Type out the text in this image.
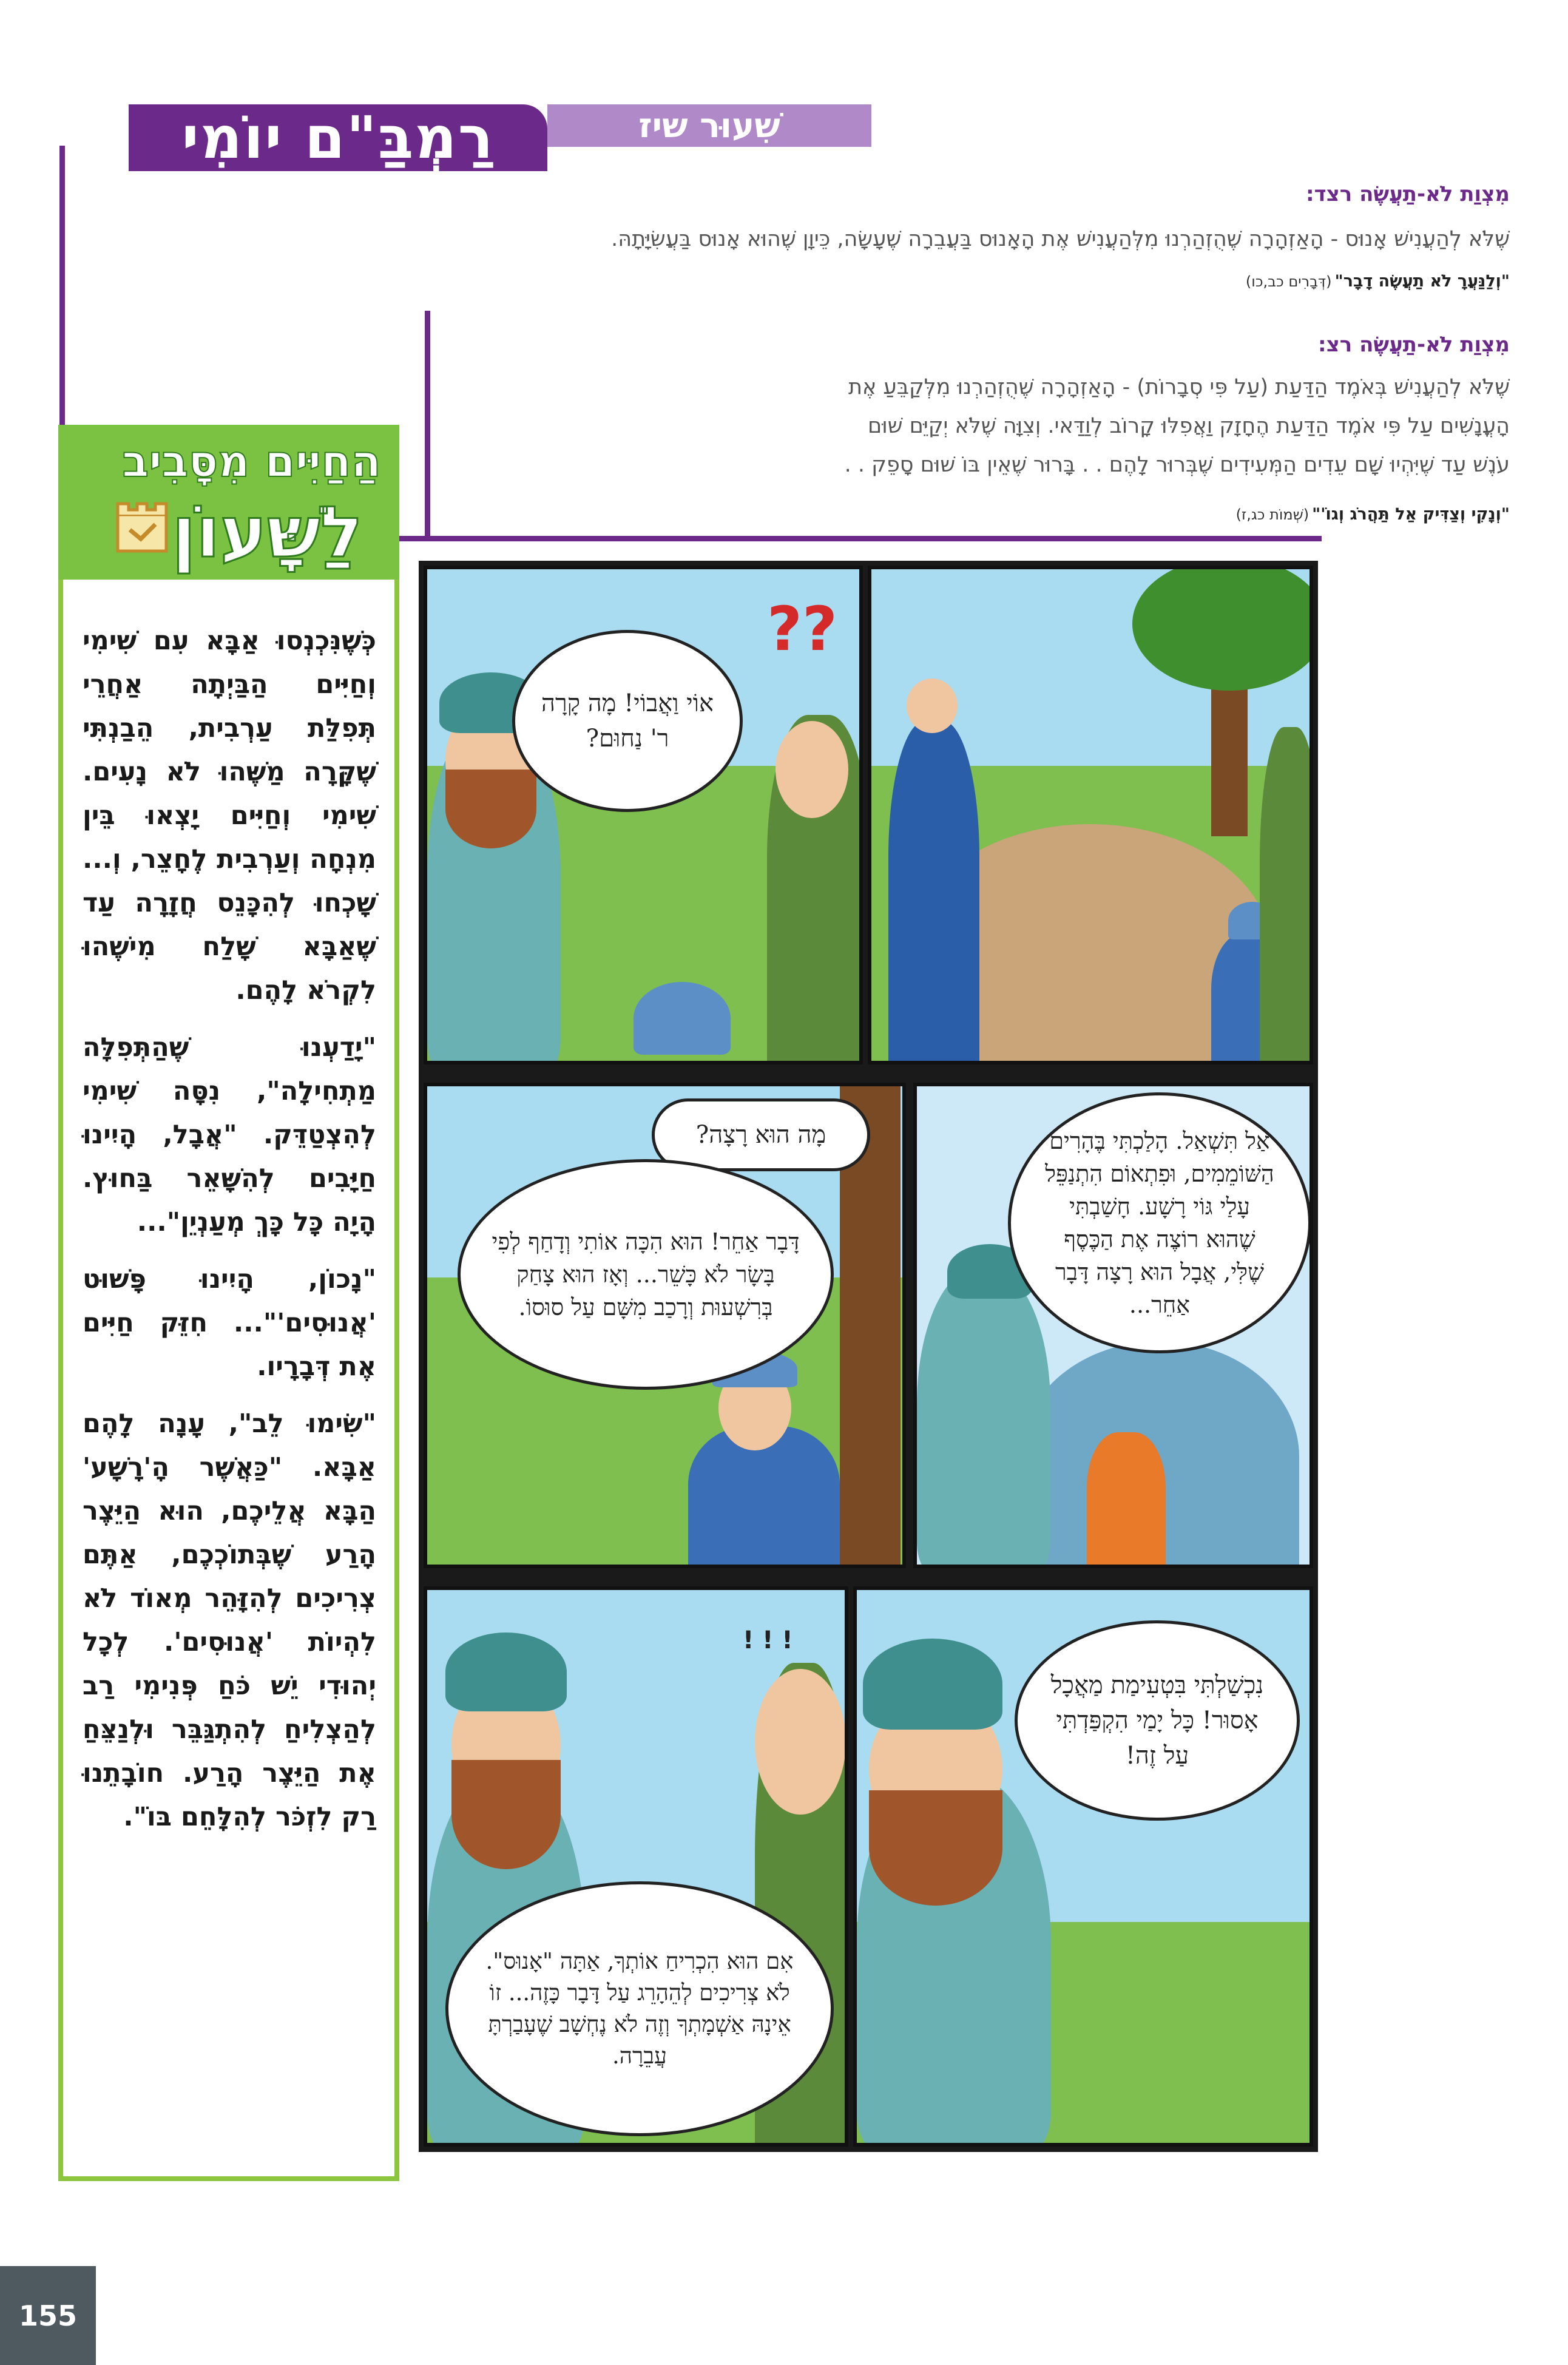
רַמְבַּ"ם יוֹמִי	שִׁעוּר שיז
מִצְוַת לֹא-תַעֲשֶׂה רצד:
שֶׁלֹּא לְהַעֲנִישׁ אָנוּס - הָאַזְהָרָה שֶׁהֻזְהַרְנוּ מִלְּהַעֲנִישׁ אֶת הָאָנוּס בַּעֲבֵרָה שֶׁעָשָׂה, כֵּיוָן שֶׁהוּא אָנוּס בַּעֲשִׂיָּתָהּ.
"וְלַנַּעֲרָ לֹא תַעֲשֶׂה דָבָר" (דְּבָרִים כב,כו)
מִצְוַת לֹא-תַעֲשֶׂה רצ:
שֶׁלֹּא לְהַעֲנִישׁ בְּאֹמֶד הַדַּעַת (עַל פִּי סְבָרוֹת) - הָאַזְהָרָה שֶׁהֻזְהַרְנוּ מִלְּקַבֵּעַ אֶת
הָעֳנָשִׁים עַל פִּי אֹמֶד הַדַּעַת הֶחָזָק וַאֲפִלּוּ קָרוֹב לְוַדַּאי. וְצִוָּה שֶׁלֹּא יְקַיֵּם שׁוּם
עֹנֶשׁ עַד שֶׁיִּהְיוּ שָׁם עֵדִים הַמְּעִידִים שֶׁבְּרוּר לָהֶם . . בָּרוּר שֶׁאֵין בּוֹ שׁוּם סָפֵק . .
"וְנָקִי וְצַדִּיק אַל תַּהֲרֹג וְגוֹ'" (שְׁמוֹת כג,ז)
הַחַיִּים מִסָּבִיב
לַשָּׁעוֹן

כְּשֶׁנִּכְנְסוּ אַבָּא עִם שִׁימִי וְחַיִּים הַבַּיְתָה אַחֲרֵי תְּפִלַּת עַרְבִית, הֵבַנְתִּי שֶׁקָּרָה מַשֶּׁהוּ לֹא נָעִים. שִׁימִי וְחַיִּים יָצְאוּ בֵּין מִנְחָה וְעַרְבִית לֶחָצֵר, וְ... שָׁכְחוּ לְהִכָּנֵס חֲזָרָה עַד שֶׁאַבָּא שָׁלַח מִישֶׁהוּ לִקְרֹא לָהֶם.

"יָדַעְנוּ שֶׁהַתְּפִלָּה מַתְחִילָה", נִסָּה שִׁימִי לְהִצְטַדֵּק. "אֲבָל, הָיִינוּ חַיָּבִים לְהִשָּׁאֵר בַּחוּץ. הָיָה כָּל כָּךְ מְעַנְיֵן"...

"נָכוֹן, הָיִינוּ פָּשׁוּט 'אֲנוּסִים'"... חִזֵּק חַיִּים אֶת דְּבָרָיו.

"שִׂימוּ לֵב", עָנָה לָהֶם אַבָּא. "כַּאֲשֶׁר הָ'רָשָׁע' הַבָּא אֲלֵיכֶם, הוּא הַיֵּצֶר הָרַע שֶׁבְּתוֹכְכֶם, אַתֶּם צְרִיכִים לְהִזָּהֵר מְאוֹד לֹא לִהְיוֹת 'אֲנוּסִים'. לְכָל יְהוּדִי יֵשׁ כֹּחַ פְּנִימִי רַב לְהַצְלִיחַ לְהִתְגַּבֵּר וּלְנַצֵּחַ אֶת הַיֵּצֶר הָרַע. חוֹבָתֵנוּ רַק לִזְכֹּר לְהִלָּחֵם בּוֹ".

??
אוֹי וַאֲבוֹי! מָה קָרָה ר' נַחוּם?
אַל תִּשְׁאַל. הָלַכְתִּי בֶּהָרִים הַשּׁוֹמֵמִים, וּפִתְאוֹם הִתְנַפֵּל עָלַי גּוֹי רָשָׁע. חָשַׁבְתִּי שֶׁהוּא רוֹצֶה אֶת הַכֶּסֶף שֶׁלִּי, אֲבָל הוּא רָצָה דָּבָר אַחֵר...
מָה הוּא רָצָה?
דָּבָר אַחֵר! הוּא הִכָּה אוֹתִי וְדָחַף לְפִי בָּשָׂר לֹא כָּשֵׁר... וְאָז הוּא צָחַק בְּרִשְׁעוּת וְרָכַב מִשָּׁם עַל סוּסוֹ.
נִכְשַׁלְתִּי בִּטְעִימַת מַאֲכָל אָסוּר! כָּל יָמַי הִקְפַּדְתִּי עַל זֶה!
! ! !
אִם הוּא הִכְרִיחַ אוֹתְךָ, אַתָּה "אָנוּס". לֹא צְרִיכִים לְהֵהָרֵג עַל דָּבָר כָּזֶה... זוֹ אֵינָהּ אַשְׁמָתְךָ וְזֶה לֹא נֶחְשָׁב שֶׁעָבַרְתָּ עֲבֵרָה.
155
